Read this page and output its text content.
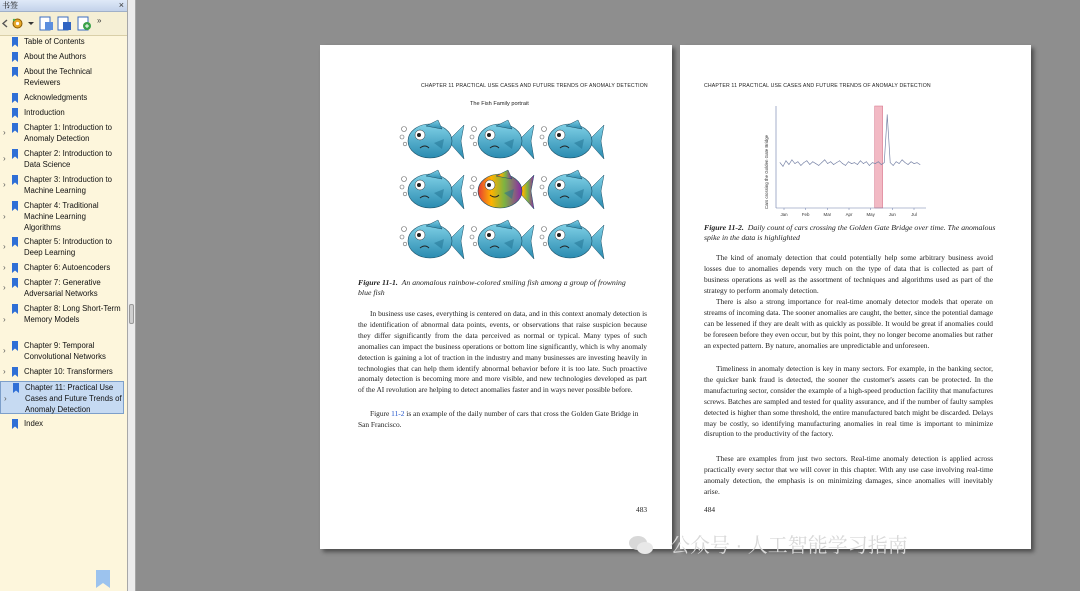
书签	×
»
Table of Contents
About the Authors
About the Technical Reviewers
Acknowledgments
Introduction
›
Chapter 1: Introduction to Anomaly Detection
›
Chapter 2: Introduction to Data Science
›
Chapter 3: Introduction to Machine Learning
›
Chapter 4: Traditional Machine Learning Algorithms
›
Chapter 5: Introduction to Deep Learning
› Chapter 6: Autoencoders
›
Chapter 7: Generative Adversarial Networks
›
Chapter 8: Long Short-Term Memory Models
›
Chapter 9: Temporal Convolutional Networks
› Chapter 10: Transformers
›
Chapter 11: Practical Use Cases and Future Trends of Anomaly Detection
Index
CHAPTER 11 PRACTICAL USE CASES AND FUTURE TRENDS OF ANOMALY DETECTION
The Fish Family portrait
Figure 11-1. An anomalous rainbow-colored smiling fish among a group of frowning blue fish
In business use cases, everything is centered on data, and in this context anomaly detection is the identification of abnormal data points, events, or observations that raise suspicion because they differ significantly from the data perceived as normal or typical. Many types of such anomalies can impact the business operations or bottom line significantly, which is why anomaly detection is gaining a lot of traction in the industry and many businesses are investing heavily in technologies that can help them identify abnormal behavior before it is too late. Such proactive anomaly detection is becoming more and more visible, and new technologies developed as part of the AI revolution are helping to detect anomalies faster and in ways never possible before.
Figure 11-2 is an example of the daily number of cars that cross the Golden Gate Bridge in San Francisco.
483
CHAPTER 11 PRACTICAL USE CASES AND FUTURE TRENDS OF ANOMALY DETECTION
Cars crossing the Golden Gate Bridge
Jan	Feb	Mar	Apr	May	Jun	Jul
Figure 11-2. Daily count of cars crossing the Golden Gate Bridge over time. The anomalous spike in the data is highlighted
The kind of anomaly detection that could potentially help some arbitrary business avoid losses due to anomalies depends very much on the type of data that is collected as part of business operations as well as the assortment of techniques and algorithms used as part of the strategy to perform anomaly detection.
There is also a strong importance for real-time anomaly detector models that operate on streams of incoming data. The sooner anomalies are caught, the better, since the potential damage can be lessened if they are dealt with as quickly as possible. It would be great if anomalies could be foreseen before they even occur, but by this point, they no longer become anomalies but rather an expected pattern. By nature, anomalies are unpredictable and unforeseen.
Timeliness in anomaly detection is key in many sectors. For example, in the banking sector, the quicker bank fraud is detected, the sooner the customer's assets can be protected. In the manufacturing sector, consider the example of a high-speed production facility that manufactures screws. Batches are sampled and tested for quality assurance, and if the number of faulty samples detected is higher than some threshold, the entire manufactured batch might be discarded. Delays may be costly, so identifying manufacturing anomalies in real time is important to minimize disruption to the productivity of the factory.
These are examples from just two sectors. Real-time anomaly detection is applied across practically every sector that we will cover in this chapter. With any use case involving real-time anomaly detection, the emphasis is on minimizing damages, since anomalies will inevitably arise.
484
公众号 · 人工智能学习指南
